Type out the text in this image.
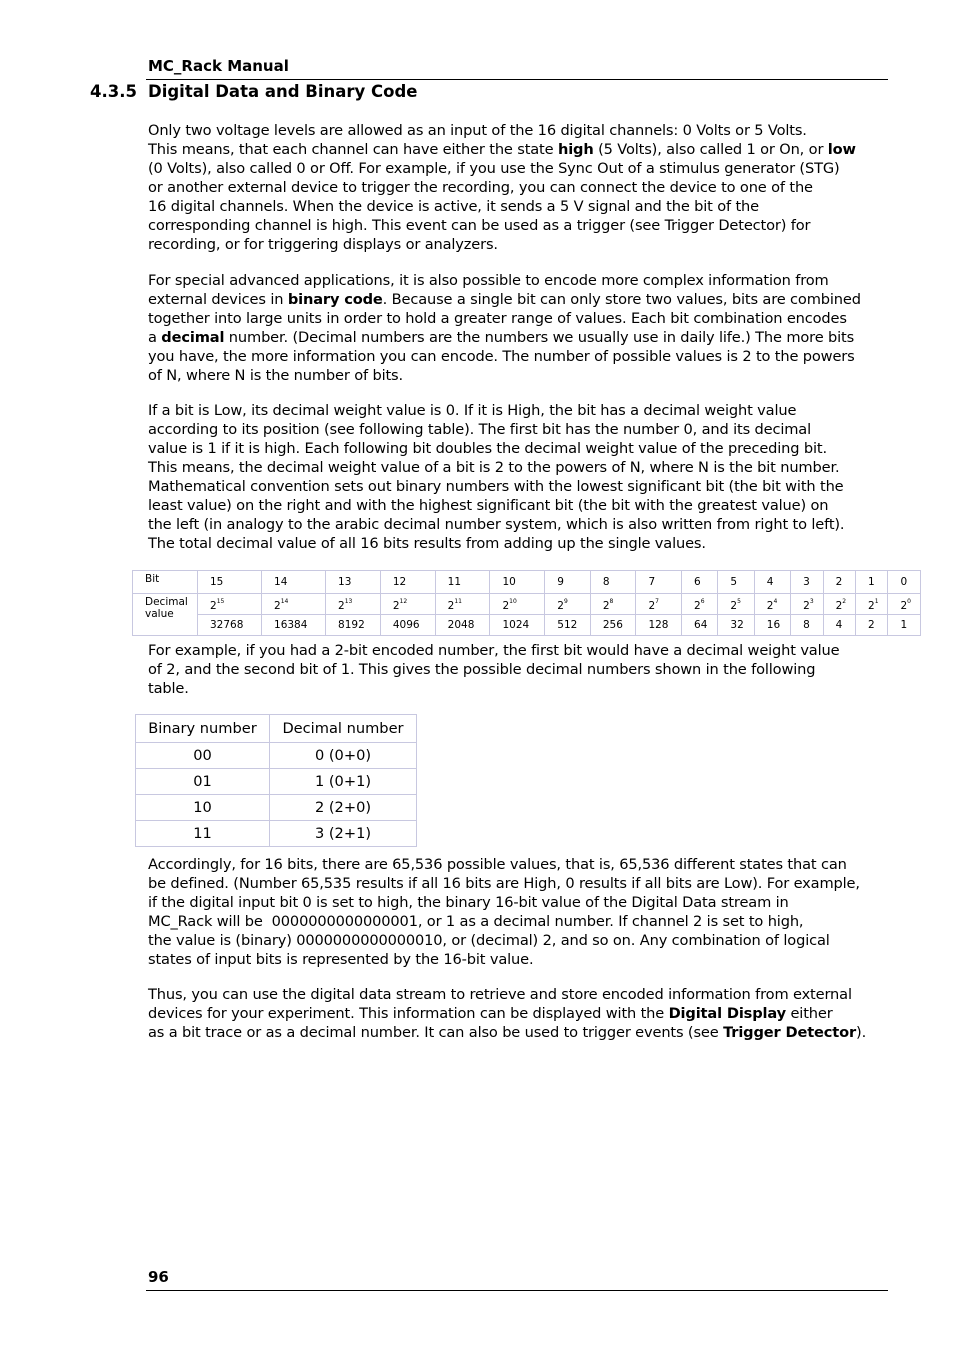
MC_Rack Manual
4.3.5 Digital Data and Binary Code
Only two voltage levels are allowed as an input of the 16 digital channels: 0 Volts or 5 Volts.
This means, that each channel can have either the state high (5 Volts), also called 1 or On, or low
(0 Volts), also called 0 or Off. For example, if you use the Sync Out of a stimulus generator (STG)
or another external device to trigger the recording, you can connect the device to one of the
16 digital channels. When the device is active, it sends a 5 V signal and the bit of the
corresponding channel is high. This event can be used as a trigger (see Trigger Detector) for
recording, or for triggering displays or analyzers.
For special advanced applications, it is also possible to encode more complex information from
external devices in binary code. Because a single bit can only store two values, bits are combined
together into large units in order to hold a greater range of values. Each bit combination encodes
a decimal number. (Decimal numbers are the numbers we usually use in daily life.) The more bits
you have, the more information you can encode. The number of possible values is 2 to the powers
of N, where N is the number of bits.
If a bit is Low, its decimal weight value is 0. If it is High, the bit has a decimal weight value
according to its position (see following table). The first bit has the number 0, and its decimal
value is 1 if it is high. Each following bit doubles the decimal weight value of the preceding bit.
This means, the decimal weight value of a bit is 2 to the powers of N, where N is the bit number.
Mathematical convention sets out binary numbers with the lowest significant bit (the bit with the
least value) on the right and with the highest significant bit (the bit with the greatest value) on
the left (in analogy to the arabic decimal number system, which is also written from right to left).
The total decimal value of all 16 bits results from adding up the single values.
Bit	15	14	13	12	11	10	9	8	7	6	5	4	3	2	1	0
Decimal
value	$2^{15}$	$2^{14}$	$2^{13}$	$2^{12}$	$2^{11}$	$2^{10}$	$2^9$	$2^8$	$2^7$	$2^6$	$2^5$	$2^4$	$2^3$	$2^2$	$2^1$	$2^0$
	32768	16384	8192	4096	2048	1024	512	256	128	64	32	16	8	4	2	1
For example, if you had a 2-bit encoded number, the first bit would have a decimal weight value
of 2, and the second bit of 1. This gives the possible decimal numbers shown in the following
table.
Binary number	Decimal number
00	0 (0+0)
01	1 (0+1)
10	2 (2+0)
11	3 (2+1)
Accordingly, for 16 bits, there are 65,536 possible values, that is, 65,536 different states that can
be defined. (Number 65,535 results if all 16 bits are High, 0 results if all bits are Low). For example,
if the digital input bit 0 is set to high, the binary 16-bit value of the Digital Data stream in
MC_Rack will be  0000000000000001, or 1 as a decimal number. If channel 2 is set to high,
the value is (binary) 0000000000000010, or (decimal) 2, and so on. Any combination of logical
states of input bits is represented by the 16-bit value.
Thus, you can use the digital data stream to retrieve and store encoded information from external
devices for your experiment. This information can be displayed with the Digital Display either
as a bit trace or as a decimal number. It can also be used to trigger events (see Trigger Detector).
96
